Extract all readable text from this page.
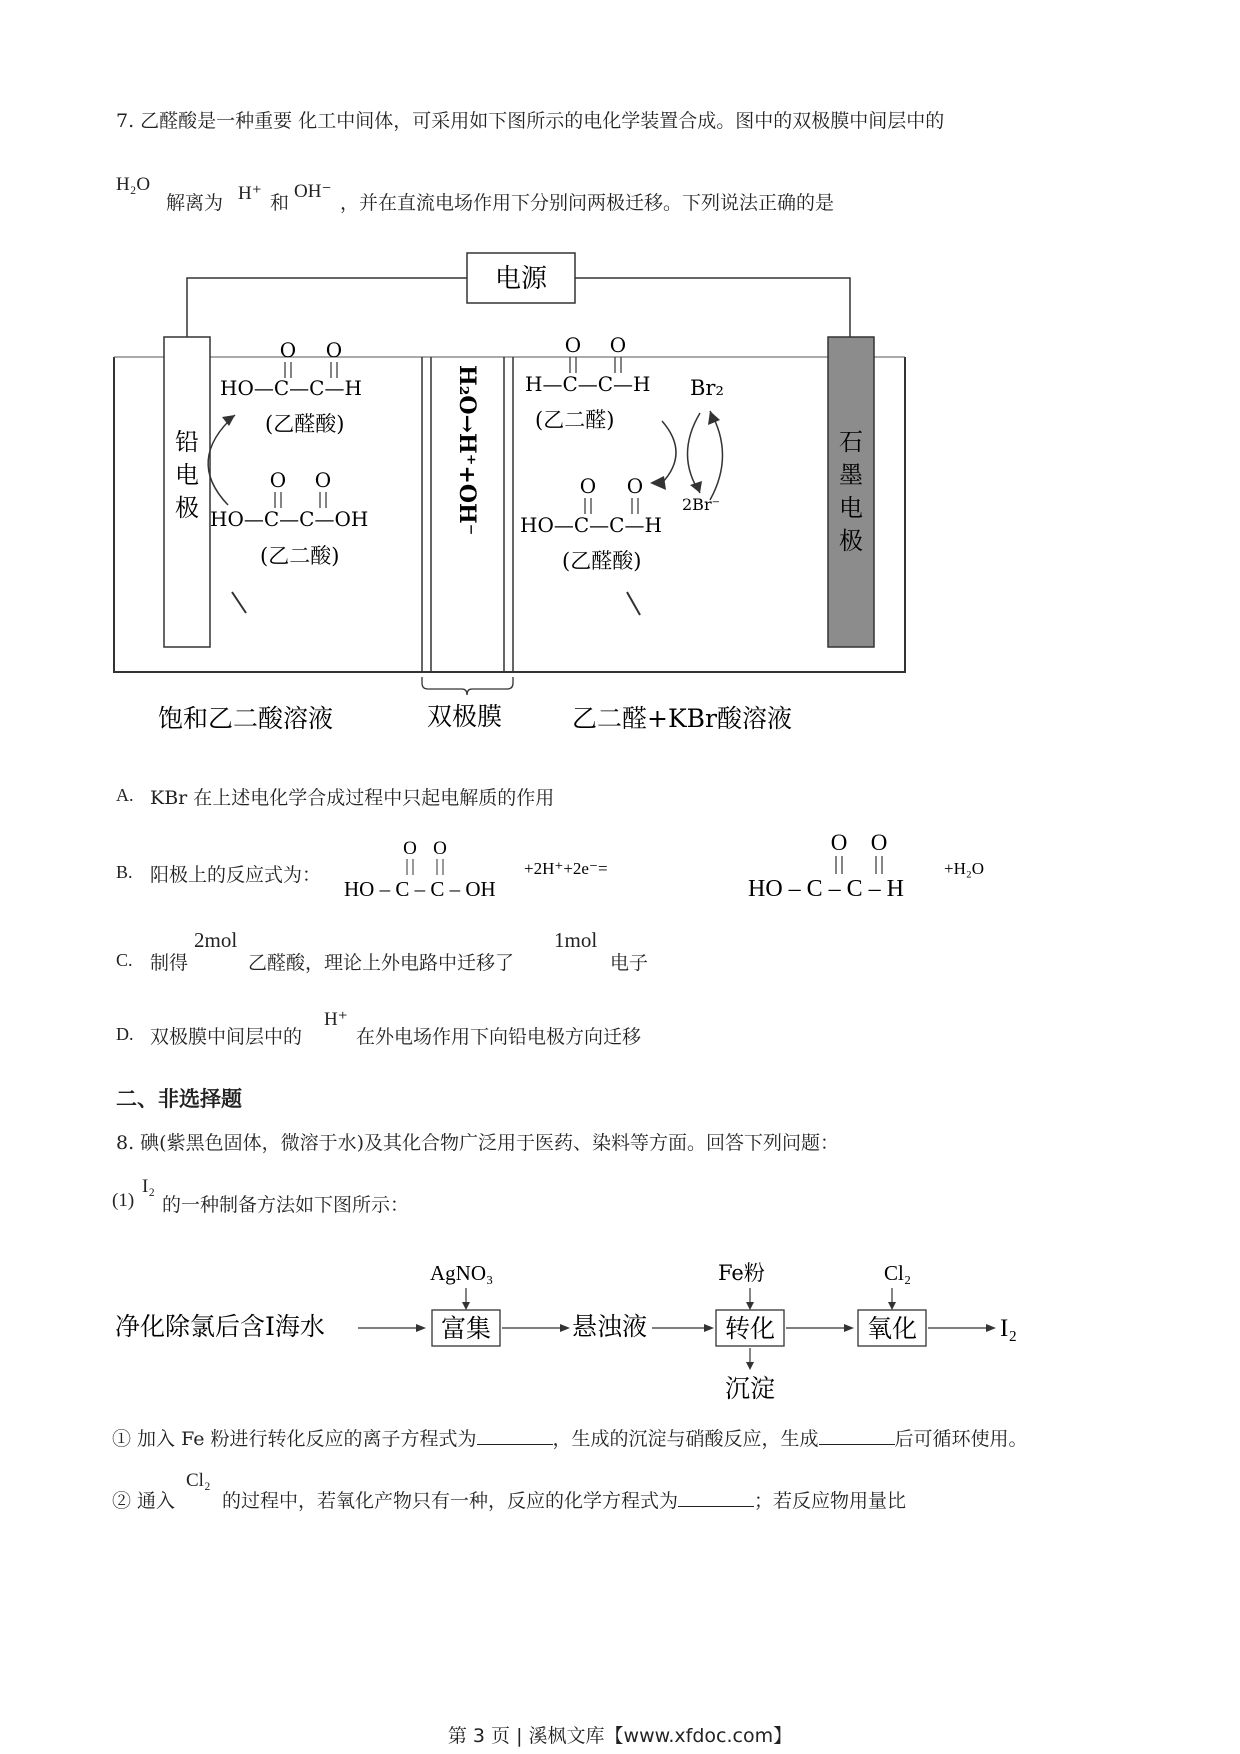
7. 乙醛酸是一种重要 化工中间体，可采用如下图所示的电化学装置合成。图中的双极膜中间层中的
H₂O
解离为 H⁺ 和
OH⁻
，并在直流电场作用下分别问两极迁移。下列说法正确的是
电源
铅
电
极
石
墨
电
极
H₂O→H⁺+OH⁻
O O
HO—C—C—H
(乙醛酸)
O O
HO—C—C—OH
(乙二酸)
O O
H—C—C—H
(乙二醛)
Br₂
2Br⁻
O O
HO—C—C—H
(乙醛酸)
饱和乙二酸溶液	双极膜	乙二醛+KBr酸溶液
A. KBr 在上述电化学合成过程中只起电解质的作用
B. 阳极上的反应式为：
O O
HO – C – C – OH
+2H⁺+2e⁻=
O O
HO – C – C – H
+H₂O
C. 制得
2mol
乙醛酸，理论上外电路中迁移了
1mol
电子
D. 双极膜中间层中的
H⁺
在外电场作用下向铅电极方向迁移
二、非选择题
8. 碘(紫黑色固体，微溶于水)及其化合物广泛用于医药、染料等方面。回答下列问题：
(1)
I₂
的一种制备方法如下图所示：
净化除氯后含I海水
AgNO₃
富集	悬浊液
Fe粉
转化
沉淀
Cl₂
氧化	I₂
① 加入 Fe 粉进行转化反应的离子方程式为	，生成的沉淀与硝酸反应，生成	后可循环使用。
② 通入
Cl₂
的过程中，若氧化产物只有一种，反应的化学方程式为	；若反应物用量比
第 3 页 | 溪枫文库【www.xfdoc.com】
